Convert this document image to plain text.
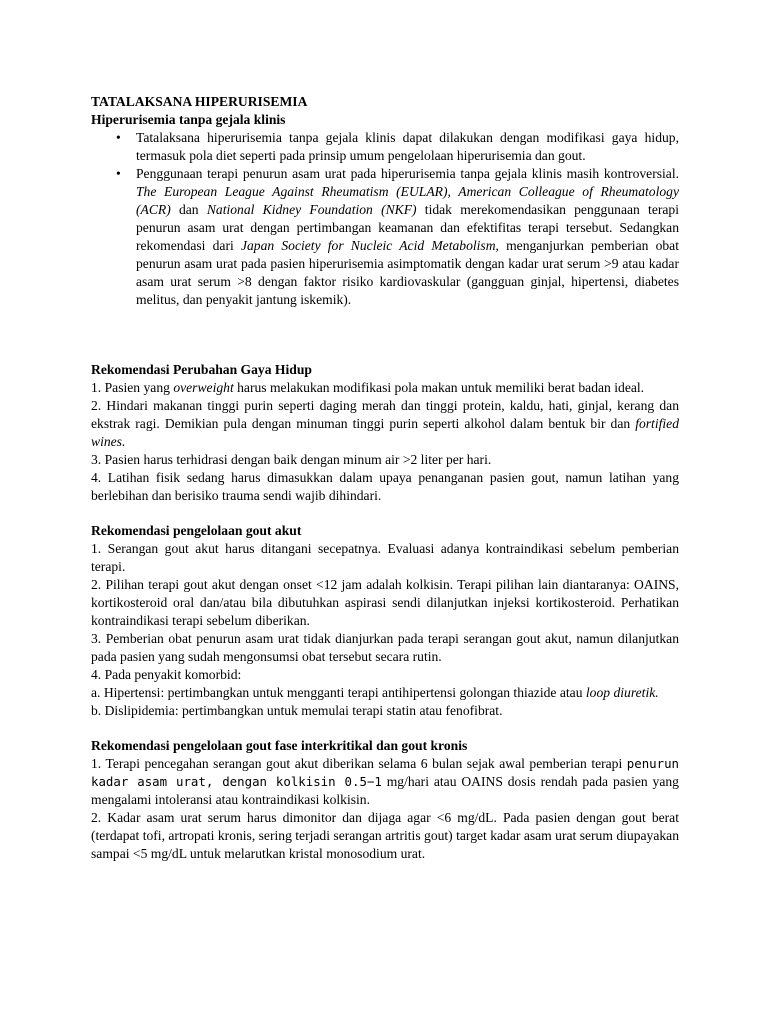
TATALAKSANA HIPERURISEMIA

Hiperurisemia tanpa gejala klinis

• Tatalaksana hiperurisemia tanpa gejala klinis dapat dilakukan dengan modifikasi gaya hidup, termasuk pola diet seperti pada prinsip umum pengelolaan hiperurisemia dan gout.
• Penggunaan terapi penurun asam urat pada hiperurisemia tanpa gejala klinis masih kontroversial. The European League Against Rheumatism (EULAR), American Colleague of Rheumatology (ACR) dan National Kidney Foundation (NKF) tidak merekomendasikan penggunaan terapi penurun asam urat dengan pertimbangan keamanan dan efektifitas terapi tersebut. Sedangkan rekomendasi dari Japan Society for Nucleic Acid Metabolism, menganjurkan pemberian obat penurun asam urat pada pasien hiperurisemia asimptomatik dengan kadar urat serum >9 atau kadar asam urat serum >8 dengan faktor risiko kardiovaskular (gangguan ginjal, hipertensi, diabetes melitus, dan penyakit jantung iskemik).

Rekomendasi Perubahan Gaya Hidup

1. Pasien yang overweight harus melakukan modifikasi pola makan untuk memiliki berat badan ideal.

2. Hindari makanan tinggi purin seperti daging merah dan tinggi protein, kaldu, hati, ginjal, kerang dan ekstrak ragi. Demikian pula dengan minuman tinggi purin seperti alkohol dalam bentuk bir dan fortified wines.

3. Pasien harus terhidrasi dengan baik dengan minum air >2 liter per hari.

4. Latihan fisik sedang harus dimasukkan dalam upaya penanganan pasien gout, namun latihan yang berlebihan dan berisiko trauma sendi wajib dihindari.

Rekomendasi pengelolaan gout akut

1. Serangan gout akut harus ditangani secepatnya. Evaluasi adanya kontraindikasi sebelum pemberian terapi.

2. Pilihan terapi gout akut dengan onset <12 jam adalah kolkisin. Terapi pilihan lain diantaranya: OAINS, kortikosteroid oral dan/atau bila dibutuhkan aspirasi sendi dilanjutkan injeksi kortikosteroid. Perhatikan kontraindikasi terapi sebelum diberikan.

3. Pemberian obat penurun asam urat tidak dianjurkan pada terapi serangan gout akut, namun dilanjutkan pada pasien yang sudah mengonsumsi obat tersebut secara rutin.

4. Pada penyakit komorbid:

a. Hipertensi: pertimbangkan untuk mengganti terapi antihipertensi golongan thiazide atau loop diuretik.

b. Dislipidemia: pertimbangkan untuk memulai terapi statin atau fenofibrat.

Rekomendasi pengelolaan gout fase interkritikal dan gout kronis

1. Terapi pencegahan serangan gout akut diberikan selama 6 bulan sejak awal pemberian terapi penurun kadar asam urat, dengan kolkisin 0.5−1 mg/hari atau OAINS dosis rendah pada pasien yang mengalami intoleransi atau kontraindikasi kolkisin.

2. Kadar asam urat serum harus dimonitor dan dijaga agar <6 mg/dL. Pada pasien dengan gout berat (terdapat tofi, artropati kronis, sering terjadi serangan artritis gout) target kadar asam urat serum diupayakan sampai <5 mg/dL untuk melarutkan kristal monosodium urat.
